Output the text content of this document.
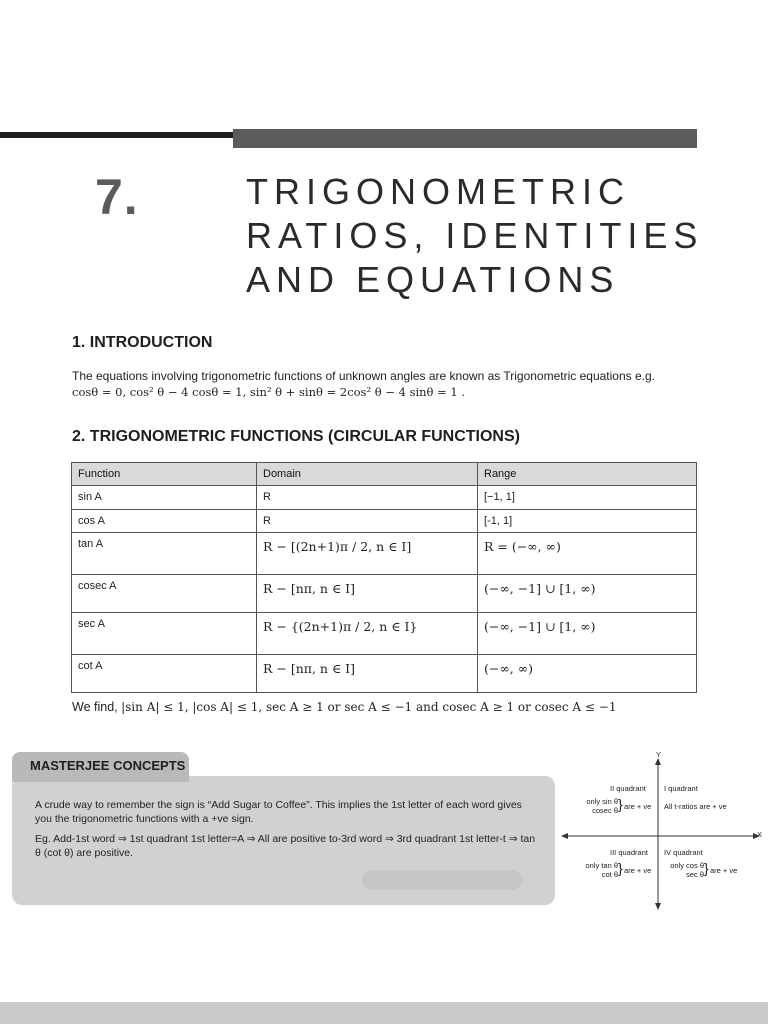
7.	TRIGONOMETRIC
RATIOS, IDENTITIES
AND EQUATIONS
1. INTRODUCTION
The equations involving trigonometric functions of unknown angles are known as Trigonometric equations e.g.
cosθ = 0, cos² θ − 4 cosθ = 1, sin² θ + sinθ = 2cos² θ − 4 sinθ = 1 .
2. TRIGONOMETRIC FUNCTIONS (CIRCULAR FUNCTIONS)
Function	Domain	Range
sin A	R	[−1, 1]
cos A	R	[-1, 1]
tan A	R − [(2n+1)π / 2, n ∈ I]	R = (−∞, ∞)
cosec A	R − [nπ, n ∈ I]	(−∞, −1] ∪ [1, ∞)
sec A	R − {(2n+1)π / 2, n ∈ I}	(−∞, −1] ∪ [1, ∞)
cot A	R − [nπ, n ∈ I]	(−∞, ∞)
We find, |sin A| ≤ 1, |cos A| ≤ 1, sec A ≥ 1 or sec A ≤ −1 and cosec A ≥ 1 or cosec A ≤ −1
MASTERJEE CONCEPTS

A crude way to remember the sign is “Add Sugar to Coffee”. This implies the 1st letter of each word gives you the trigonometric functions with a +ve sign.

Eg. Add-1st word ⇒ 1st quadrant 1st letter=A ⇒ All are positive to-3rd word ⇒ 3rd quadrant 1st letter-t ⇒ tan θ (cot θ) are positive.

Y
X
II quadrant
only sin θ
cosec θ } are + ve
I quadrant
All t-ratios are + ve
III quadrant
only tan θ
cot θ } are + ve
IV quadrant
only cos θ
sec θ } are + ve
